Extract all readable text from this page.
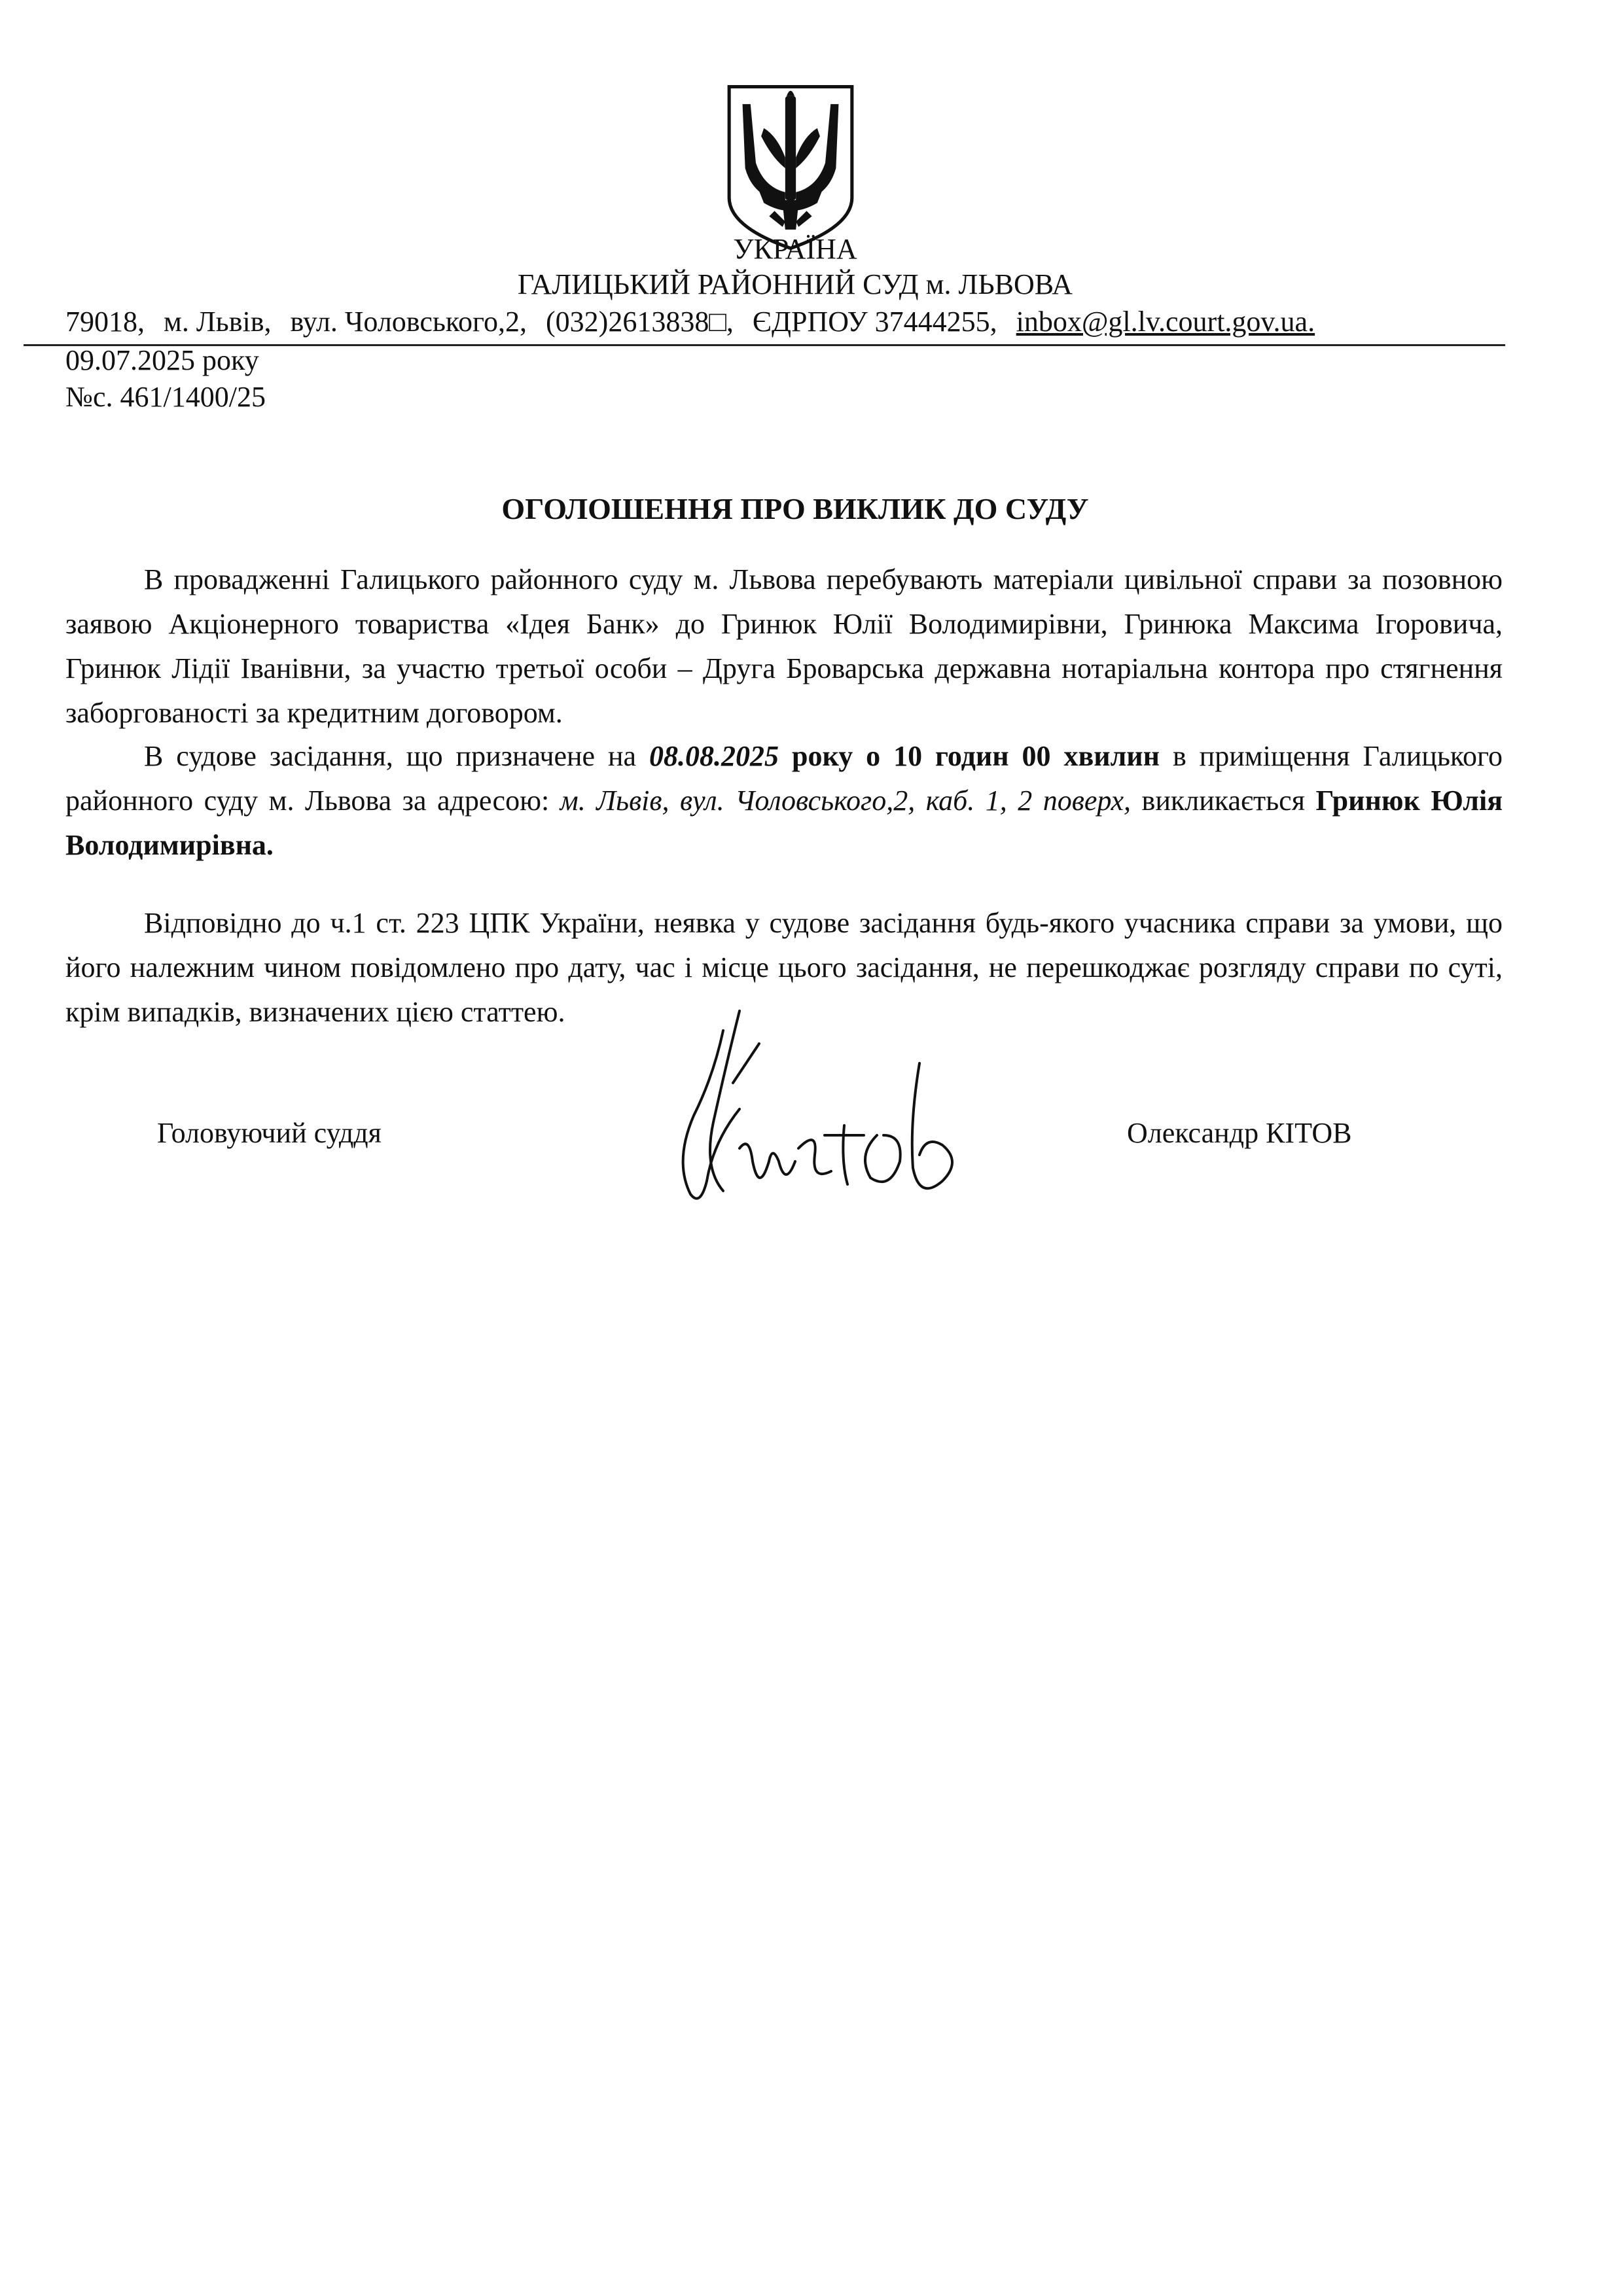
УКРАЇНА
ГАЛИЦЬКИЙ РАЙОННИЙ СУД м. ЛЬВОВА
79018, м. Львів, вул. Чоловського,2, (032)2613838□, ЄДРПОУ 37444255, inbox@gl.lv.court.gov.ua.
09.07.2025 року
№с. 461/1400/25
ОГОЛОШЕННЯ ПРО ВИКЛИК ДО СУДУ

В провадженні Галицького районного суду м. Львова перебувають матеріали цивільної справи за позовною заявою Акціонерного товариства «Ідея Банк» до Гринюк Юлії Володимирівни, Гринюка Максима Ігоровича, Гринюк Лідії Іванівни, за участю третьої особи – Друга Броварська державна нотаріальна контора про стягнення заборгованості за кредитним договором.

В судове засідання, що призначене на 08.08.2025 року о 10 годин 00 хвилин в приміщення Галицького районного суду м. Львова за адресою: м. Львів, вул. Чоловського,2, каб. 1, 2 поверх, викликається Гринюк Юлія Володимирівна.

Відповідно до ч.1 ст. 223 ЦПК України, неявка у судове засідання будь-якого учасника справи за умови, що його належним чином повідомлено про дату, час і місце цього засідання, не перешкоджає розгляду справи по суті, крім випадків, визначених цією статтею.

Головуючий суддя	Олександр КІТОВ
